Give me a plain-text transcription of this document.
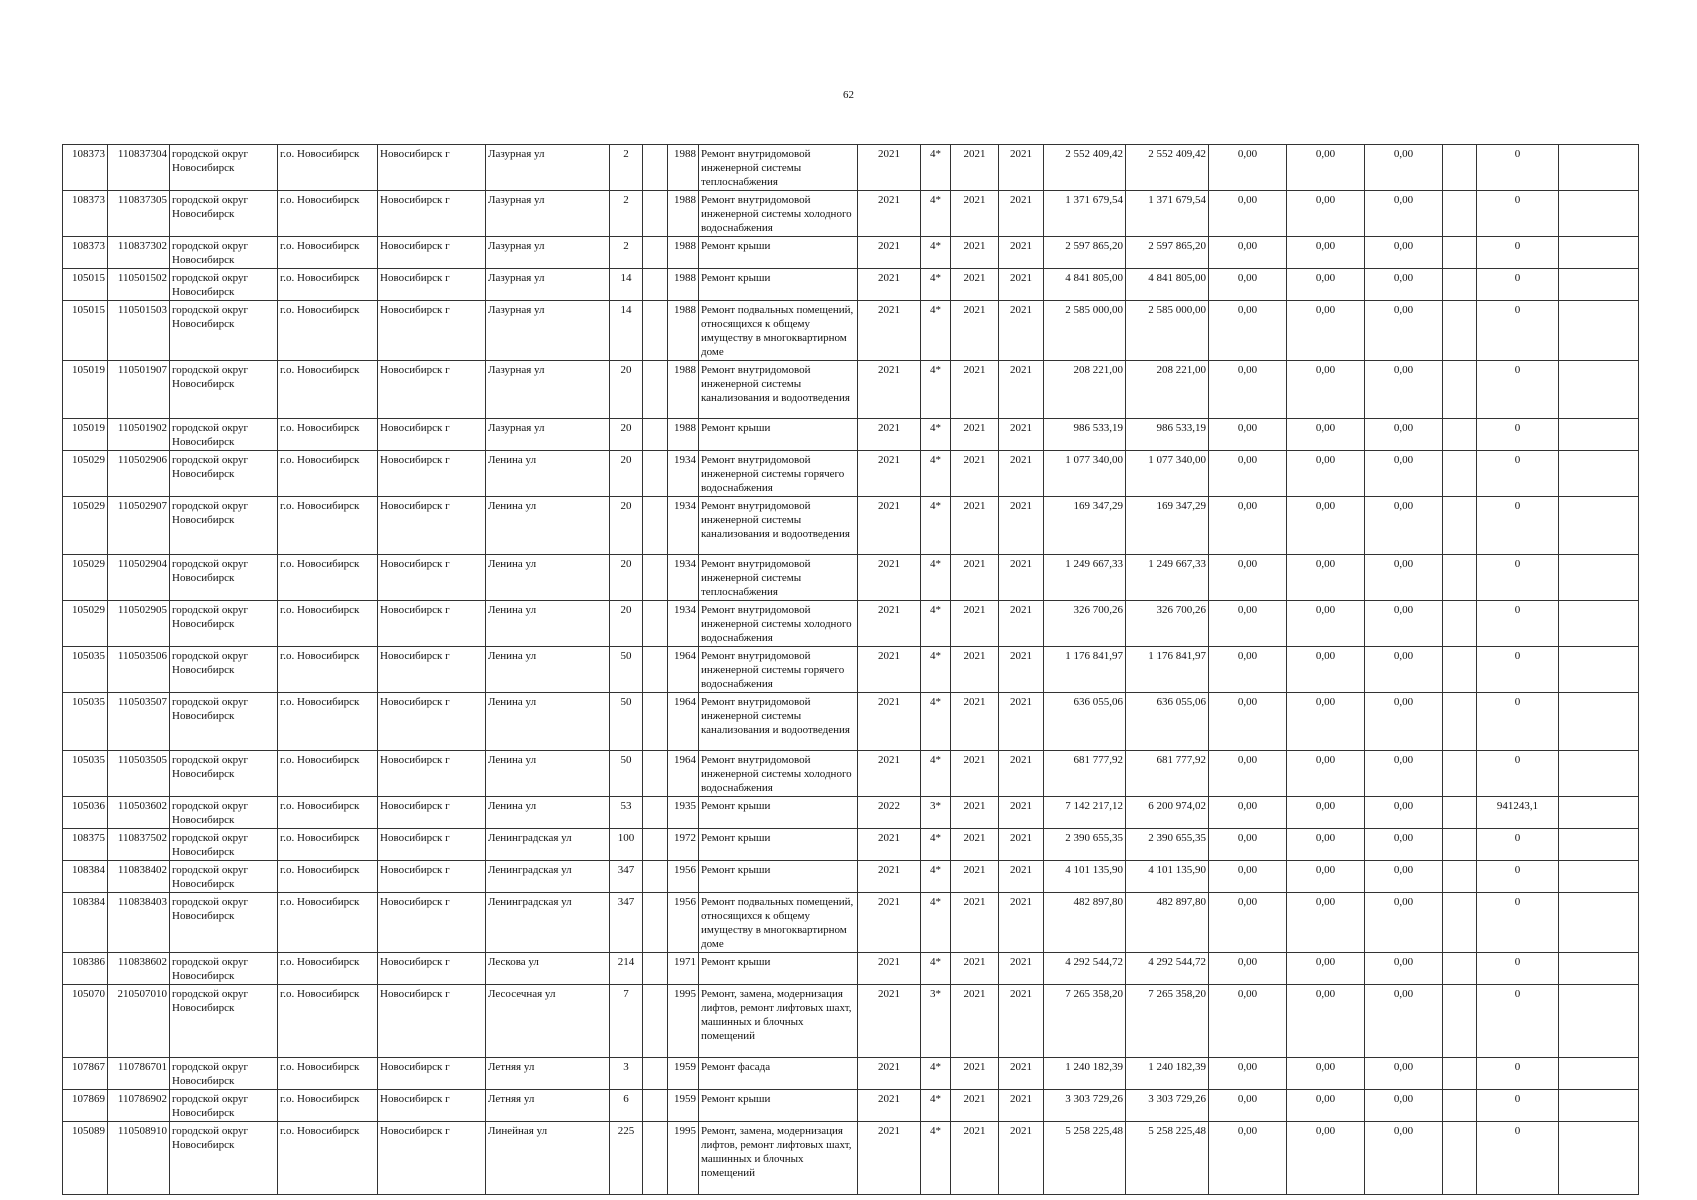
62
108373	110837304	городской округ Новосибирск	г.о. Новосибирск	Новосибирск г	Лазурная ул	2		1988	Ремонт внутридомовой инженерной системы теплоснабжения	2021	4*	2021	2021	2 552 409,42	2 552 409,42	0,00	0,00	0,00		0	
108373	110837305	городской округ Новосибирск	г.о. Новосибирск	Новосибирск г	Лазурная ул	2		1988	Ремонт внутридомовой инженерной системы холодного водоснабжения	2021	4*	2021	2021	1 371 679,54	1 371 679,54	0,00	0,00	0,00		0	
108373	110837302	городской округ Новосибирск	г.о. Новосибирск	Новосибирск г	Лазурная ул	2		1988	Ремонт крыши	2021	4*	2021	2021	2 597 865,20	2 597 865,20	0,00	0,00	0,00		0	
105015	110501502	городской округ Новосибирск	г.о. Новосибирск	Новосибирск г	Лазурная ул	14		1988	Ремонт крыши	2021	4*	2021	2021	4 841 805,00	4 841 805,00	0,00	0,00	0,00		0	
105015	110501503	городской округ Новосибирск	г.о. Новосибирск	Новосибирск г	Лазурная ул	14		1988	Ремонт подвальных помещений, относящихся к общему имуществу в многоквартирном доме	2021	4*	2021	2021	2 585 000,00	2 585 000,00	0,00	0,00	0,00		0	
105019	110501907	городской округ Новосибирск	г.о. Новосибирск	Новосибирск г	Лазурная ул	20		1988	Ремонт внутридомовой инженерной системы канализования и водоотведения	2021	4*	2021	2021	208 221,00	208 221,00	0,00	0,00	0,00		0	
105019	110501902	городской округ Новосибирск	г.о. Новосибирск	Новосибирск г	Лазурная ул	20		1988	Ремонт крыши	2021	4*	2021	2021	986 533,19	986 533,19	0,00	0,00	0,00		0	
105029	110502906	городской округ Новосибирск	г.о. Новосибирск	Новосибирск г	Ленина ул	20		1934	Ремонт внутридомовой инженерной системы горячего водоснабжения	2021	4*	2021	2021	1 077 340,00	1 077 340,00	0,00	0,00	0,00		0	
105029	110502907	городской округ Новосибирск	г.о. Новосибирск	Новосибирск г	Ленина ул	20		1934	Ремонт внутридомовой инженерной системы канализования и водоотведения	2021	4*	2021	2021	169 347,29	169 347,29	0,00	0,00	0,00		0	
105029	110502904	городской округ Новосибирск	г.о. Новосибирск	Новосибирск г	Ленина ул	20		1934	Ремонт внутридомовой инженерной системы теплоснабжения	2021	4*	2021	2021	1 249 667,33	1 249 667,33	0,00	0,00	0,00		0	
105029	110502905	городской округ Новосибирск	г.о. Новосибирск	Новосибирск г	Ленина ул	20		1934	Ремонт внутридомовой инженерной системы холодного водоснабжения	2021	4*	2021	2021	326 700,26	326 700,26	0,00	0,00	0,00		0	
105035	110503506	городской округ Новосибирск	г.о. Новосибирск	Новосибирск г	Ленина ул	50		1964	Ремонт внутридомовой инженерной системы горячего водоснабжения	2021	4*	2021	2021	1 176 841,97	1 176 841,97	0,00	0,00	0,00		0	
105035	110503507	городской округ Новосибирск	г.о. Новосибирск	Новосибирск г	Ленина ул	50		1964	Ремонт внутридомовой инженерной системы канализования и водоотведения	2021	4*	2021	2021	636 055,06	636 055,06	0,00	0,00	0,00		0	
105035	110503505	городской округ Новосибирск	г.о. Новосибирск	Новосибирск г	Ленина ул	50		1964	Ремонт внутридомовой инженерной системы холодного водоснабжения	2021	4*	2021	2021	681 777,92	681 777,92	0,00	0,00	0,00		0	
105036	110503602	городской округ Новосибирск	г.о. Новосибирск	Новосибирск г	Ленина ул	53		1935	Ремонт крыши	2022	3*	2021	2021	7 142 217,12	6 200 974,02	0,00	0,00	0,00		941243,1	
108375	110837502	городской округ Новосибирск	г.о. Новосибирск	Новосибирск г	Ленинградская ул	100		1972	Ремонт крыши	2021	4*	2021	2021	2 390 655,35	2 390 655,35	0,00	0,00	0,00		0	
108384	110838402	городской округ Новосибирск	г.о. Новосибирск	Новосибирск г	Ленинградская ул	347		1956	Ремонт крыши	2021	4*	2021	2021	4 101 135,90	4 101 135,90	0,00	0,00	0,00		0	
108384	110838403	городской округ Новосибирск	г.о. Новосибирск	Новосибирск г	Ленинградская ул	347		1956	Ремонт подвальных помещений, относящихся к общему имуществу в многоквартирном доме	2021	4*	2021	2021	482 897,80	482 897,80	0,00	0,00	0,00		0	
108386	110838602	городской округ Новосибирск	г.о. Новосибирск	Новосибирск г	Лескова ул	214		1971	Ремонт крыши	2021	4*	2021	2021	4 292 544,72	4 292 544,72	0,00	0,00	0,00		0	
105070	210507010	городской округ Новосибирск	г.о. Новосибирск	Новосибирск г	Лесосечная ул	7		1995	Ремонт, замена, модернизация лифтов, ремонт лифтовых шахт, машинных и блочных помещений	2021	3*	2021	2021	7 265 358,20	7 265 358,20	0,00	0,00	0,00		0	
107867	110786701	городской округ Новосибирск	г.о. Новосибирск	Новосибирск г	Летняя ул	3		1959	Ремонт фасада	2021	4*	2021	2021	1 240 182,39	1 240 182,39	0,00	0,00	0,00		0	
107869	110786902	городской округ Новосибирск	г.о. Новосибирск	Новосибирск г	Летняя ул	6		1959	Ремонт крыши	2021	4*	2021	2021	3 303 729,26	3 303 729,26	0,00	0,00	0,00		0	
105089	110508910	городской округ Новосибирск	г.о. Новосибирск	Новосибирск г	Линейная ул	225		1995	Ремонт, замена, модернизация лифтов, ремонт лифтовых шахт, машинных и блочных помещений	2021	4*	2021	2021	5 258 225,48	5 258 225,48	0,00	0,00	0,00		0	
